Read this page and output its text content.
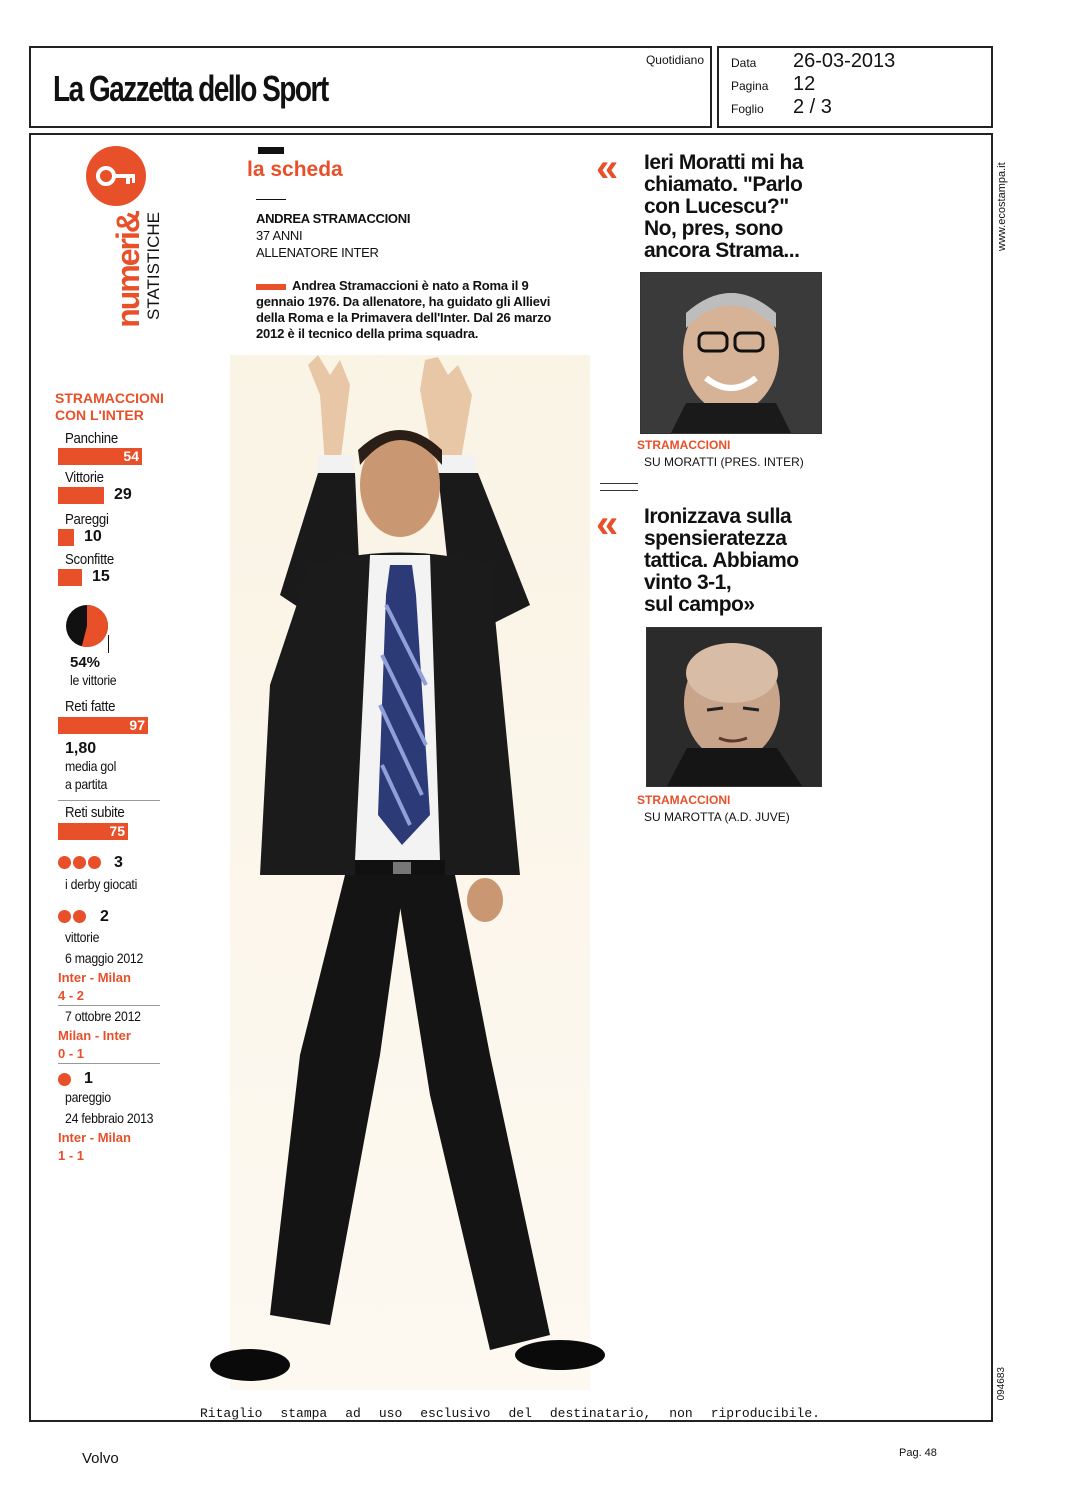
La Gazzetta dello Sport
Quotidiano Data 26-03-2013
Pagina 12
Foglio 2 / 3
www.ecostampa.it
numeri&
STATISTICHE
STRAMACCIONI
CON L'INTER
Panchine
54
Vittorie
29
Pareggi
10
Sconfitte
15
54%
le vittorie
Reti fatte
97
1,80
media gol
a partita
Reti subite
75
3
i derby giocati
2
vittorie
6 maggio 2012
Inter - Milan
4 - 2
7 ottobre 2012
Milan - Inter
0 - 1
1
pareggio
24 febbraio 2013
Inter - Milan
1 - 1
la scheda
ANDREA STRAMACCIONI
37 ANNI
ALLENATORE INTER
Andrea Stramaccioni è nato a Roma il 9 gennaio 1976. Da allenatore, ha guidato gli Allievi della Roma e la Primavera dell'Inter. Dal 26 marzo 2012 è il tecnico della prima squadra.
« Ieri Moratti mi ha
chiamato. "Parlo
con Lucescu?"
No, pres, sono
ancora Strama...
STRAMACCIONI
SU MORATTI (PRES. INTER)
« Ironizzava sulla
spensieratezza
tattica. Abbiamo
vinto 3-1,
sul campo»
STRAMACCIONI
SU MAROTTA (A.D. JUVE)
094683
Ritaglio stampa ad uso esclusivo del destinatario, non riproducibile.
Volvo	Pag. 48
